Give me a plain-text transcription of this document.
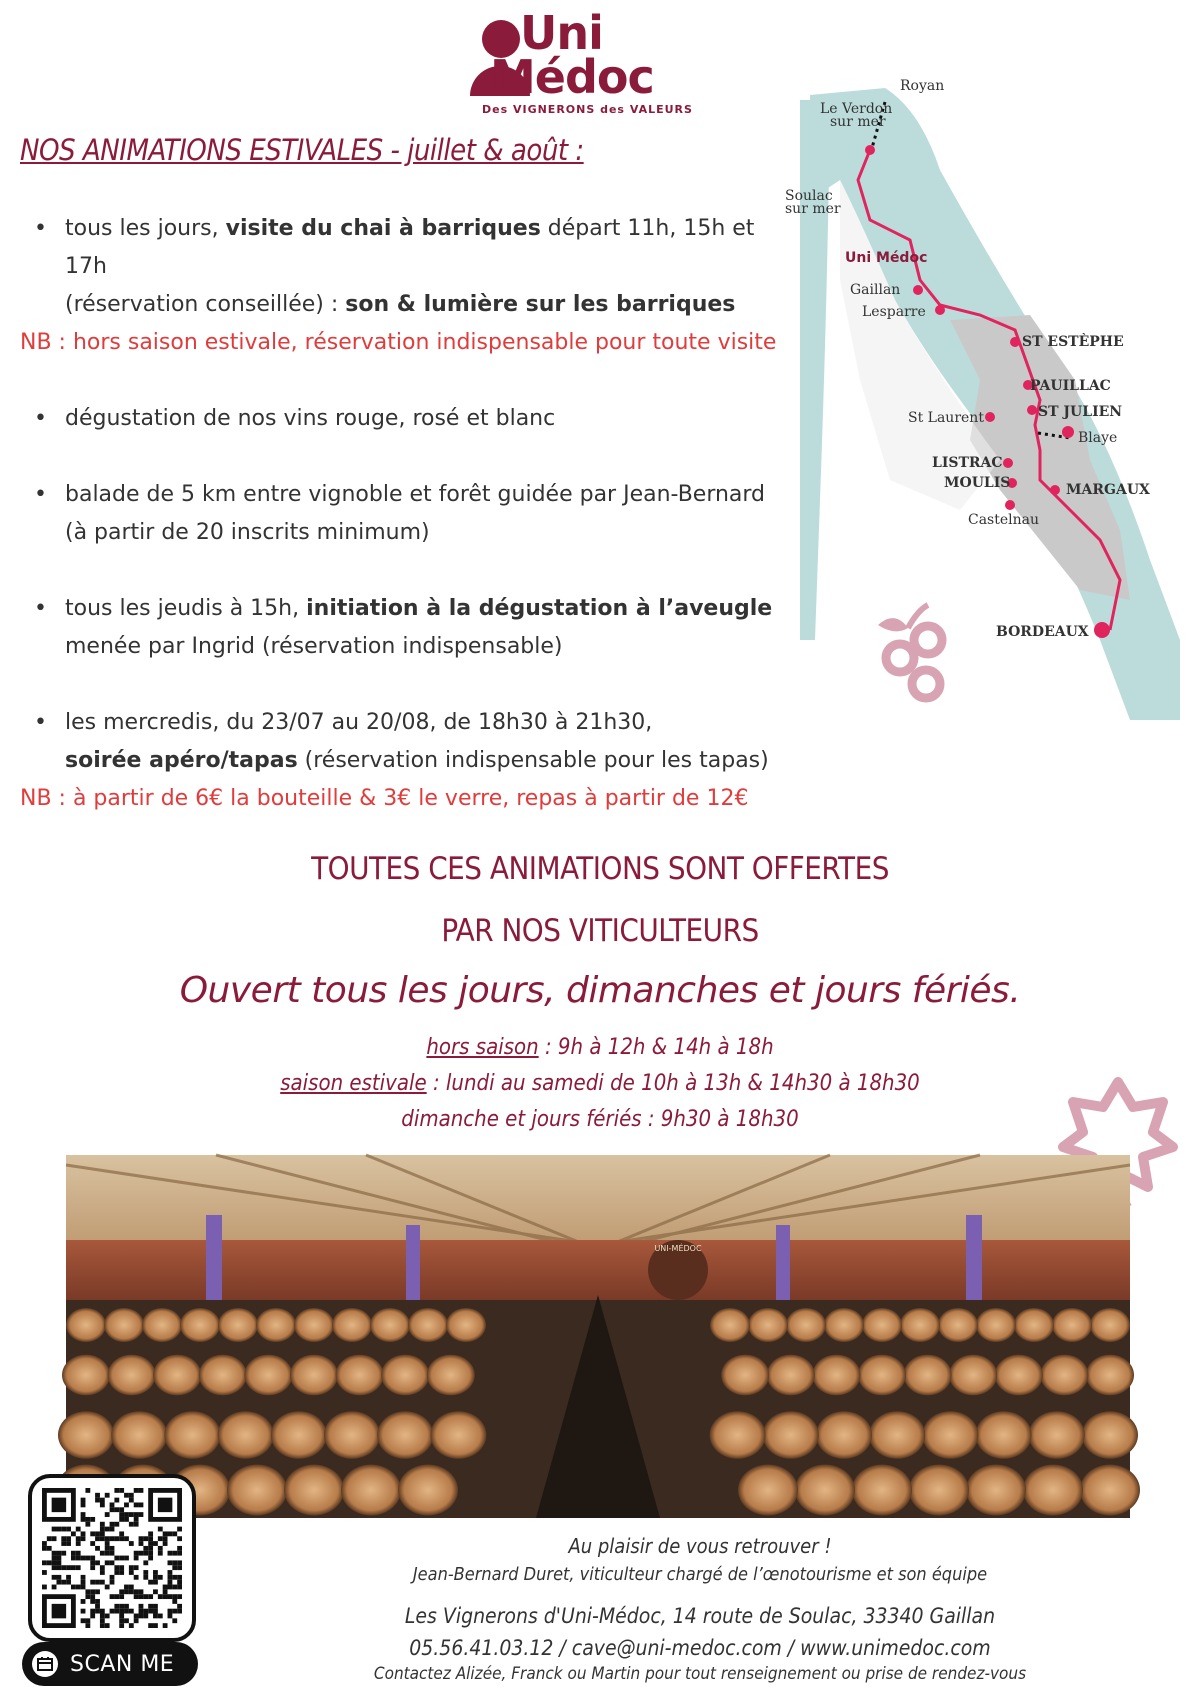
Uni
Médoc
Des VIGNERONS des VALEURS
NOS ANIMATIONS ESTIVALES - juillet & août :
• tous les jours, visite du chai à barriques départ 11h, 15h et 17h
(réservation conseillée) : son & lumière sur les barriques
NB : hors saison estivale, réservation indispensable pour toute visite
• dégustation de nos vins rouge, rosé et blanc
• balade de 5 km entre vignoble et forêt guidée par Jean-Bernard
(à partir de 20 inscrits minimum)
• tous les jeudis à 15h, initiation à la dégustation à l’aveugle
menée par Ingrid (réservation indispensable)
• les mercredis, du 23/07 au 20/08, de 18h30 à 21h30,
soirée apéro/tapas (réservation indispensable pour les tapas)
NB : à partir de 6€ la bouteille & 3€ le verre, repas à partir de 12€
Royan
Le Verdon
sur mer
Soulac
sur mer
Gaillan
Lesparre
ST ESTÈPHE
PAUILLAC
ST JULIEN
Blaye
St Laurent
LISTRAC
MOULIS	MARGAUX
Castelnau
BORDEAUX
Uni Médoc
D2
LA ROUTE
DES VINS
DU MÉDOC
TOUTES CES ANIMATIONS SONT OFFERTES
PAR NOS VITICULTEURS
Ouvert tous les jours, dimanches et jours fériés.
hors saison : 9h à 12h & 14h à 18h
saison estivale : lundi au samedi de 10h à 13h & 14h30 à 18h30
dimanche et jours fériés : 9h30 à 18h30
UNI-MÉDOC
SCAN ME
Au plaisir de vous retrouver !
Jean-Bernard Duret, viticulteur chargé de l’œnotourisme et son équipe
Les Vignerons d'Uni-Médoc, 14 route de Soulac, 33340 Gaillan
05.56.41.03.12 / cave@uni-medoc.com / www.unimedoc.com
Contactez Alizée, Franck ou Martin pour tout renseignement ou prise de rendez-vous
